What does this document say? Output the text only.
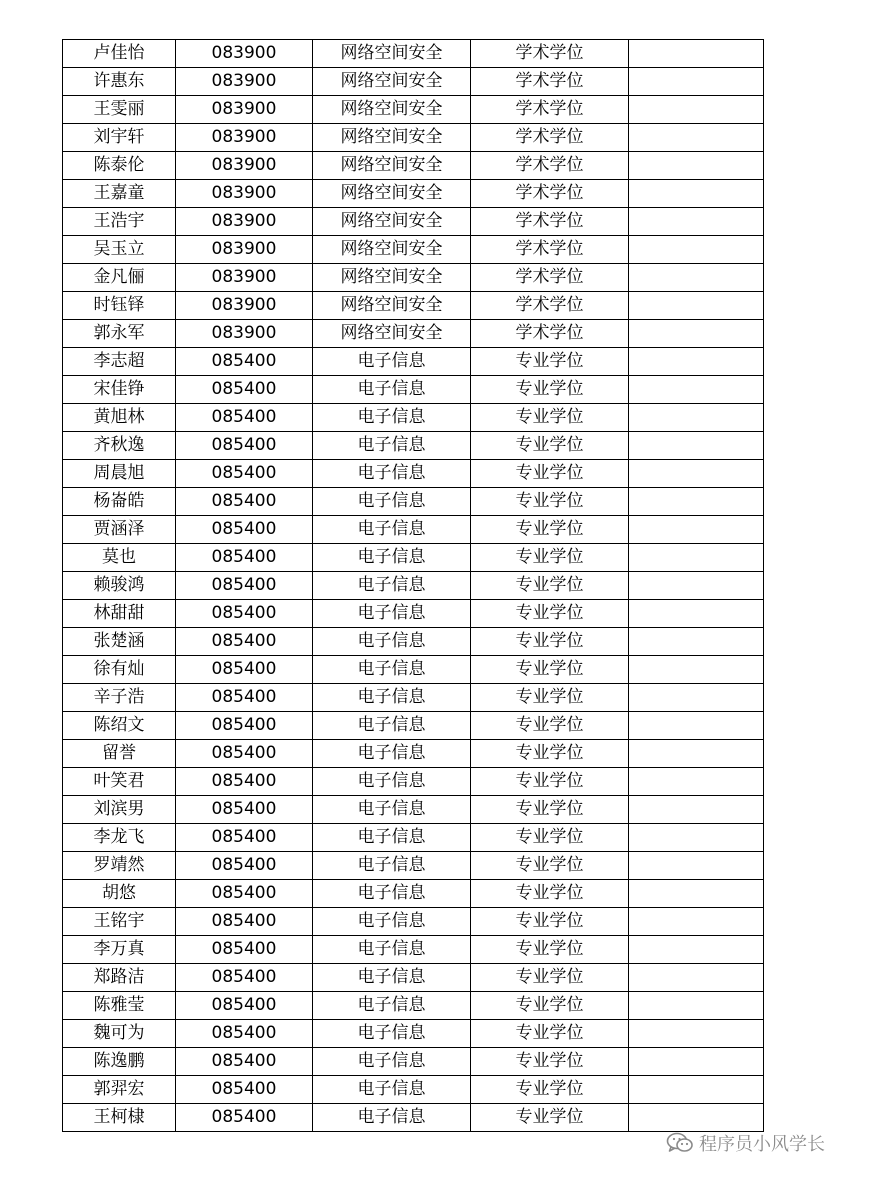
卢佳怡	083900	网络空间安全	学术学位	
许惠东	083900	网络空间安全	学术学位	
王雯丽	083900	网络空间安全	学术学位	
刘宇轩	083900	网络空间安全	学术学位	
陈泰伦	083900	网络空间安全	学术学位	
王嘉童	083900	网络空间安全	学术学位	
王浩宇	083900	网络空间安全	学术学位	
吴玉立	083900	网络空间安全	学术学位	
金凡俪	083900	网络空间安全	学术学位	
时钰铎	083900	网络空间安全	学术学位	
郭永军	083900	网络空间安全	学术学位	
李志超	085400	电子信息	专业学位	
宋佳铮	085400	电子信息	专业学位	
黄旭林	085400	电子信息	专业学位	
齐秋逸	085400	电子信息	专业学位	
周晨旭	085400	电子信息	专业学位	
杨崙皓	085400	电子信息	专业学位	
贾涵泽	085400	电子信息	专业学位	
莫也	085400	电子信息	专业学位	
赖骏鸿	085400	电子信息	专业学位	
林甜甜	085400	电子信息	专业学位	
张楚涵	085400	电子信息	专业学位	
徐有灿	085400	电子信息	专业学位	
辛子浩	085400	电子信息	专业学位	
陈绍文	085400	电子信息	专业学位	
留誉	085400	电子信息	专业学位	
叶笑君	085400	电子信息	专业学位	
刘滨男	085400	电子信息	专业学位	
李龙飞	085400	电子信息	专业学位	
罗靖然	085400	电子信息	专业学位	
胡悠	085400	电子信息	专业学位	
王铭宇	085400	电子信息	专业学位	
李万真	085400	电子信息	专业学位	
郑路洁	085400	电子信息	专业学位	
陈雅莹	085400	电子信息	专业学位	
魏可为	085400	电子信息	专业学位	
陈逸鹏	085400	电子信息	专业学位	
郭羿宏	085400	电子信息	专业学位	
王柯棣	085400	电子信息	专业学位	
程序员小风学长
